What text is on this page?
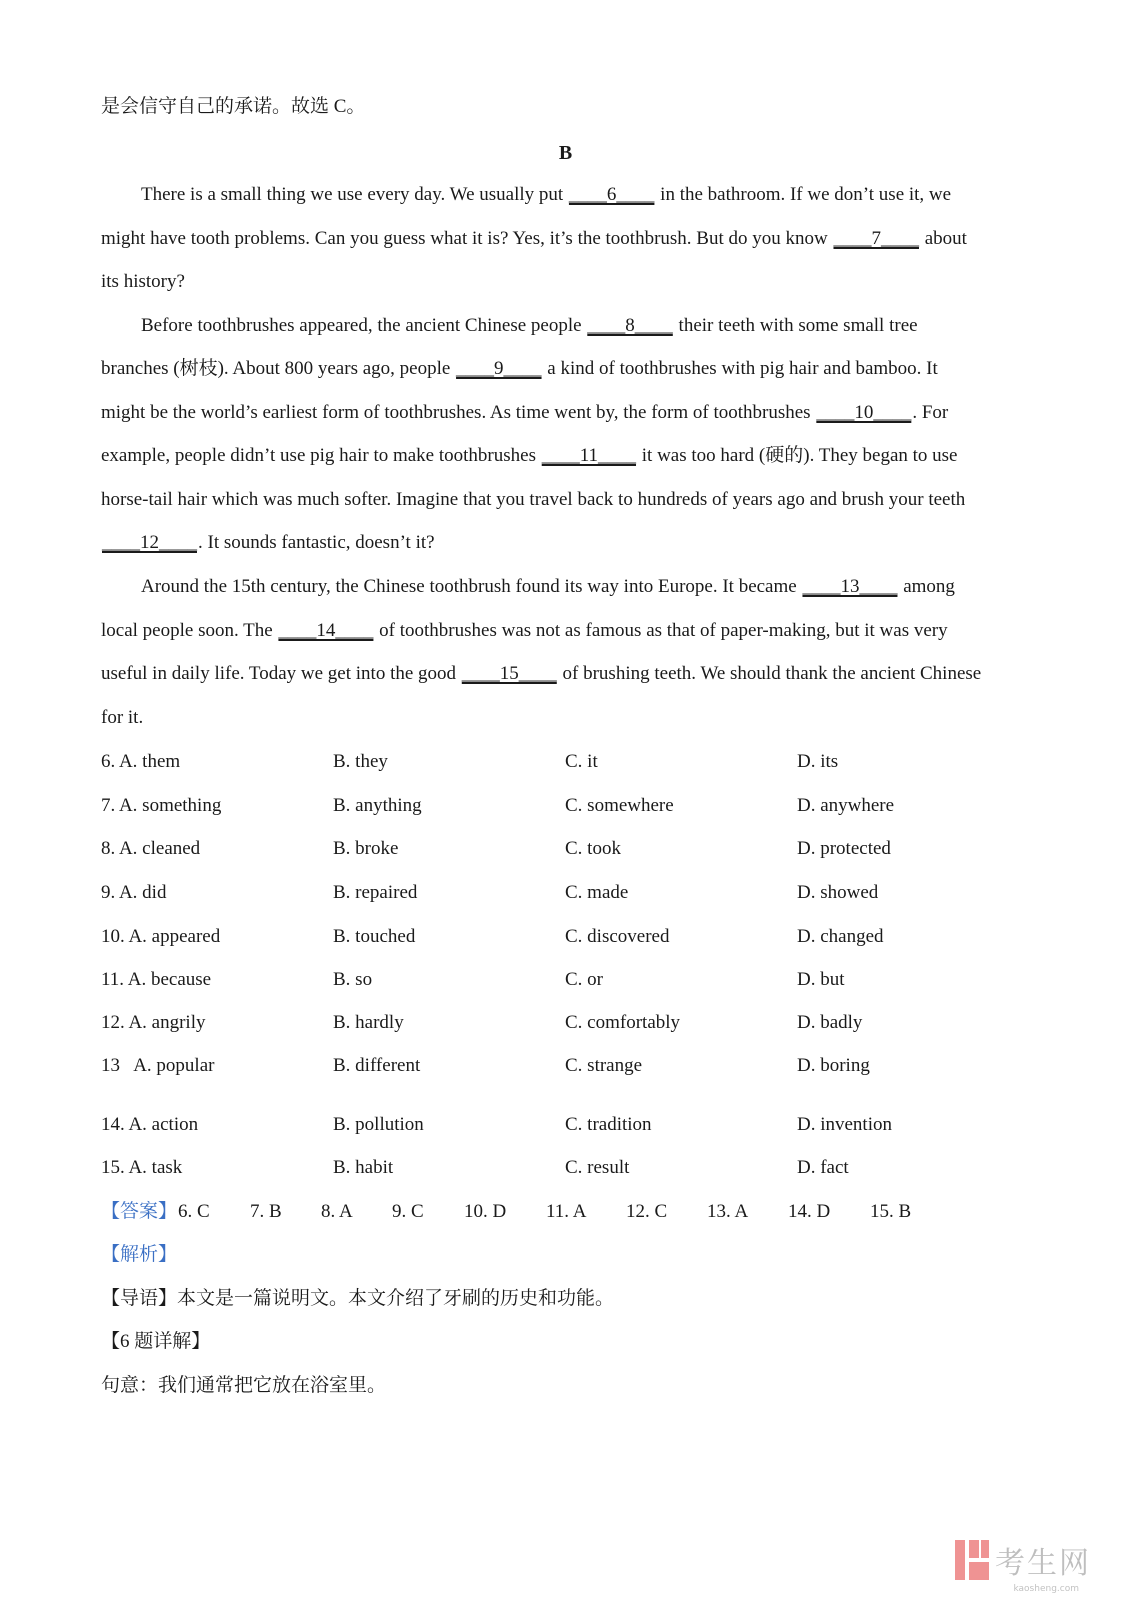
是会信守自己的承诺。故选 C。
B
There is a small thing we use every day. We usually put ____6____ in the bathroom. If we don’t use it, we
might have tooth problems. Can you guess what it is? Yes, it’s the toothbrush. But do you know ____7____ about
its history?
Before toothbrushes appeared, the ancient Chinese people ____8____ their teeth with some small tree
branches (树枝). About 800 years ago, people ____9____ a kind of toothbrushes with pig hair and bamboo. It
might be the world’s earliest form of toothbrushes. As time went by, the form of toothbrushes ____10____. For
example, people didn’t use pig hair to make toothbrushes ____11____ it was too hard (硬的). They began to use
horse-tail hair which was much softer. Imagine that you travel back to hundreds of years ago and brush your teeth
____12____. It sounds fantastic, doesn’t it?
Around the 15th century, the Chinese toothbrush found its way into Europe. It became ____13____ among
local people soon. The ____14____ of toothbrushes was not as famous as that of paper-making, but it was very
useful in daily life. Today we get into the good ____15____ of brushing teeth. We should thank the ancient Chinese
for it.
6. A. them	B. they	C. it	D. its
7. A. something	B. anything	C. somewhere	D. anywhere
8. A. cleaned	B. broke	C. took	D. protected
9. A. did	B. repaired	C. made	D. showed
10. A. appeared	B. touched	C. discovered	D. changed
11. A. because	B. so	C. or	D. but
12. A. angrily	B. hardly	C. comfortably	D. badly
13   A. popular	B. different	C. strange	D. boring
14. A. action	B. pollution	C. tradition	D. invention
15. A. task	B. habit	C. result	D. fact
【答案】 6. C 7. B 8. A 9. C 10. D 11. A 12. C 13. A 14. D 15. B
【解析】
【导语】本文是一篇说明文。本文介绍了牙刷的历史和功能。
【6 题详解】
句意：我们通常把它放在浴室里。
考生网
kaosheng.com
